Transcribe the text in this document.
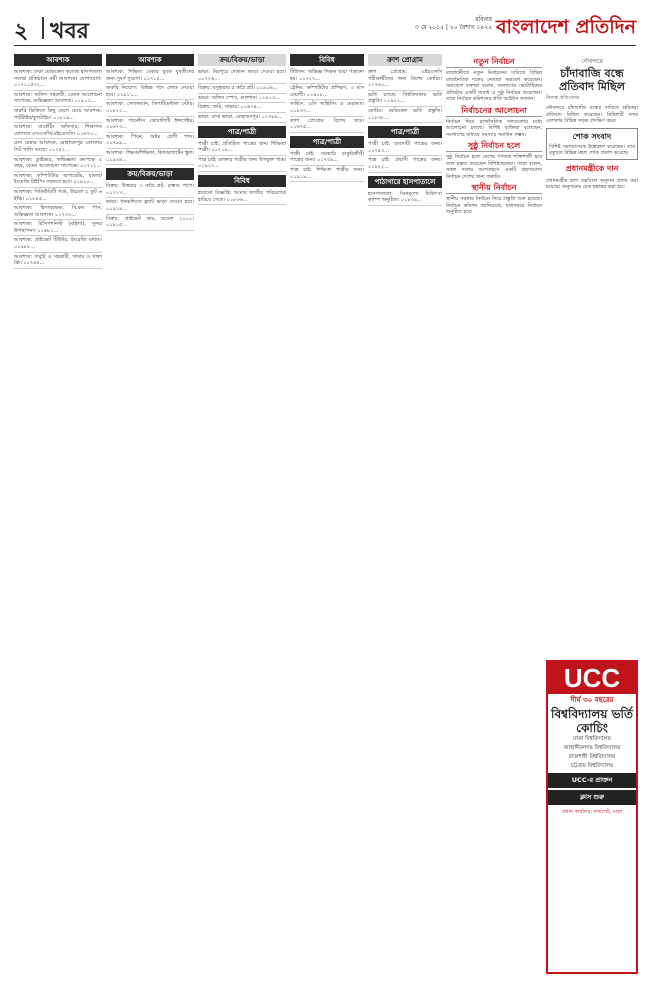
২ খবর	রবিবার
৩ মে ২০১৫ | ২০ বৈশাখ ১৪২২ বাংলাদেশ প্রতিদিন
আবশ্যক
আবশ্যক: ঢাকা মেডিকেল কলেজ হাসপাতাল সংলগ্ন প্রতিষ্ঠানে কর্মী আবশ্যক। যোগাযোগ: ০১৭১১৫৩২...
আবশ্যক: অফিস সহকারী, বেতন আলোচনা সাপেক্ষে, অভিজ্ঞতা আবশ্যক। ০১৯১৩...
জরুরি ভিত্তিতে কিছু ছেলে মেয়ে আবশ্যক, পার্টটাইম/ফুলটাইম। ০১৮১৯...
আবশ্যক: মার্কেটিং অফিসার, শিক্ষাগত যোগ্যতা এসএসসি/এইচএসসি। ০১৬৭০...
মেস মেম্বার আবশ্যক, মোহাম্মদপুর এলাকায় সিট খালি আছে। ০১৭৫২...
আবশ্যক: ড্রাইভার, অভিজ্ঞতা কমপক্ষে ৫ বছর, বেতন আলোচনা সাপেক্ষে। ০১৭১২...
আবশ্যক: কম্পিউটার অপারেটর, বাংলা/ইংরেজি টাইপিং জানতে হবে। ০১৯২০...
আবশ্যক: সিকিউরিটি গার্ড, উচ্চতা ৫ ফুট ৬ ইঞ্চি। ০১৮৪৫...
আবশ্যক: হিসাবরক্ষক, বি.কম পাস, অভিজ্ঞতা আবশ্যক। ০১৭৩৩...
আবশ্যক: রিসিপশনিস্ট (মহিলা), সুন্দর উপস্থাপনা। ০১৬৮১...
আবশ্যক: প্রাইভেট টিউটর, ইংরেজি মাধ্যম। ০১৯৮৮...
আবশ্যক: বাবুর্চি ও সহকারী, খাবার ও থাকা ফ্রি। ০১৭৪৪...
আবশ্যক
আবশ্যক: শিক্ষিত বেকার যুবক যুবতীদের জন্য সুবর্ণ সুযোগ। ০১৭১৫...
জরুরি নিয়োগ: বিভিন্ন পদে লোক নেওয়া হবে। ০১৯১১...
আবশ্যক: সেলসম্যান, ডিপার্টমেন্টাল স্টোর। ০১৮২২...
আবশ্যক: গার্মেন্টস কোয়ালিটি ইন্সপেক্টর। ০১৬৭৩...
আবশ্যক: পিয়ন, অষ্টম শ্রেণী পাস। ০১৭৯৯...
আবশ্যক: শিক্ষক/শিক্ষিকা, কিন্ডারগার্টেন স্কুল। ০১৯৩৪...
ক্রয়/বিক্রয়/ভাড়া
বিক্রয়: উত্তরায় ৩ কাঠা প্লট, রাস্তার পাশে। ০১৭১৭...
ভাড়া: ধানমন্ডিতে ফ্ল্যাট ভাড়া দেওয়া হবে। ০১৯১৪...
বিক্রয়: প্রাইভেট কার, মডেল ২০১০। ০১৮১৫...
ক্রয়/বিক্রয়/ভাড়া
ভাড়া: মিরপুরে দোকান ভাড়া দেওয়া হবে। ০১৭২৬...
বিক্রয়: বসুন্ধরায় ৫ কাঠা প্লট। ০১৯১৬...
ভাড়া: অফিস স্পেস, গুলশান। ০১৮১৩...
বিক্রয়: জমি, সাভার। ০১৬৭৪...
ভাড়া: বাসা ভাড়া, মোহাম্মদপুর। ০১৭৮৮...
পাত্র/পাত্রী
পাত্রী চাই: প্রতিষ্ঠিত পাত্রের জন্য শিক্ষিতা পাত্রী। ০১৭১৯...
পাত্র চাই: ডাক্তার পাত্রীর জন্য উপযুক্ত পাত্র। ০১৯১৭...
বিবিধ
হারানো বিজ্ঞপ্তি: আমার জাতীয় পরিচয়পত্র হারিয়ে গেছে। ০১৮৩৬...
বিবিধ
টিউশন: অভিজ্ঞ শিক্ষক দ্বারা পড়ানো হয়। ০১৭২৭...
ট্রেনিং: কম্পিউটার প্রশিক্ষণ, ৩ মাস মেয়াদী। ০১৯১৮...
সার্ভিস: এসি সার্ভিসিং ও মেরামত। ০১৮৩৭...
ক্যাশ প্রোগ্রাম: বিশেষ ছাড়। ০১৬৭৫...
পাত্র/পাত্রী
পাত্রী চাই: সরকারি চাকুরিজীবী পাত্রের জন্য। ০১৭৩৯...
পাত্র চাই: শিক্ষিকা পাত্রীর জন্য। ০১৯১৯...
ক্রাশ প্রোগ্রাম
ক্রাশ প্রোগ্রাম: এইচএসসি পরীক্ষার্থীদের জন্য বিশেষ কোচিং। ০১৭৪০...
ভর্তি চলছে: বিশ্ববিদ্যালয় ভর্তি প্রস্তুতি। ০১৯২১...
কোচিং: মেডিকেল ভর্তি প্রস্তুতি। ০১৮৩৮...
পাত্র/পাত্রী
পাত্রী চাই: ব্যবসায়ী পাত্রের জন্য। ০১৭৫৩...
পাত্র চাই: প্রবাসী পাত্রের জন্য। ০১৯২২...
পাঠাগারে হাসপাতালে
হাসপাতালে: বিনামূল্যে চিকিৎসা ক্যাম্প অনুষ্ঠিত। ০১৮৩৯...
নতুন নির্বাচন
রাজধানীতে নতুন নির্বাচনের দাবিতে বিভিন্ন রাজনৈতিক দলের নেতারা সমাবেশ করেছেন। সমাবেশে বক্তারা বলেন, জনগণের ভোটাধিকার প্রতিষ্ঠায় একটি অবাধ ও সুষ্ঠু নির্বাচন প্রয়োজন। তারা নির্বাচন কমিশনের প্রতি আহ্বান জানান।
নির্বাচনের আলোচনা
নির্বাচন নিয়ে রাজনৈতিক দলগুলোর মধ্যে আলোচনা চলছে। বিশিষ্ট ব্যক্তিরা বলেছেন, সংলাপের মাধ্যমে সমস্যার সমাধান সম্ভব।
সুষ্ঠু নির্বাচন হলে
সুষ্ঠু নির্বাচন হলে দেশের গণতন্ত্র শক্তিশালী হবে বলে মন্তব্য করেছেন বিশিষ্টজনেরা। তারা বলেন, সকল দলের অংশগ্রহণে একটি গ্রহণযোগ্য নির্বাচন দেশের জন্য জরুরি।
স্থানীয় নির্বাচন
স্থানীয় সরকার নির্বাচন নিয়ে প্রস্তুতি শুরু হয়েছে। নির্বাচন কমিশন জানিয়েছে, যথাসময়ে নির্বাচন অনুষ্ঠিত হবে।
নৌবন্দরে
চাঁদাবাজি বন্ধে প্রতিবাদ মিছিল
নিজস্ব প্রতিবেদক
নৌবন্দরে চাঁদাবাজি বন্ধের দাবিতে শ্রমিকরা প্রতিবাদ মিছিল করেছেন। মিছিলটি বন্দর এলাকার বিভিন্ন সড়ক প্রদক্ষিণ করে।
শোক সংবাদ
বিশিষ্ট সমাজসেবক ইন্তেকাল করেছেন। তার মৃত্যুতে বিভিন্ন মহল শোক প্রকাশ করেছে।
প্রধানমন্ত্রীকে দান
প্রধানমন্ত্রীর ত্রাণ তহবিলে অনুদান প্রদান করা হয়েছে। অনুদানের চেক হস্তান্তর করা হয়।
UCC
দীর্ঘ ৩০ বছরের
বিশ্ববিদ্যালয় ভর্তি কোচিং
ঢাকা বিশ্ববিদ্যালয়
জাহাঙ্গীরনগর বিশ্ববিদ্যালয়
রাজশাহী বিশ্ববিদ্যালয়
চট্টগ্রাম বিশ্ববিদ্যালয়
UCC-র প্রাক্তন
ক্লাস শুরু
প্রধান কার্যালয়: ফার্মগেট, ঢাকা
